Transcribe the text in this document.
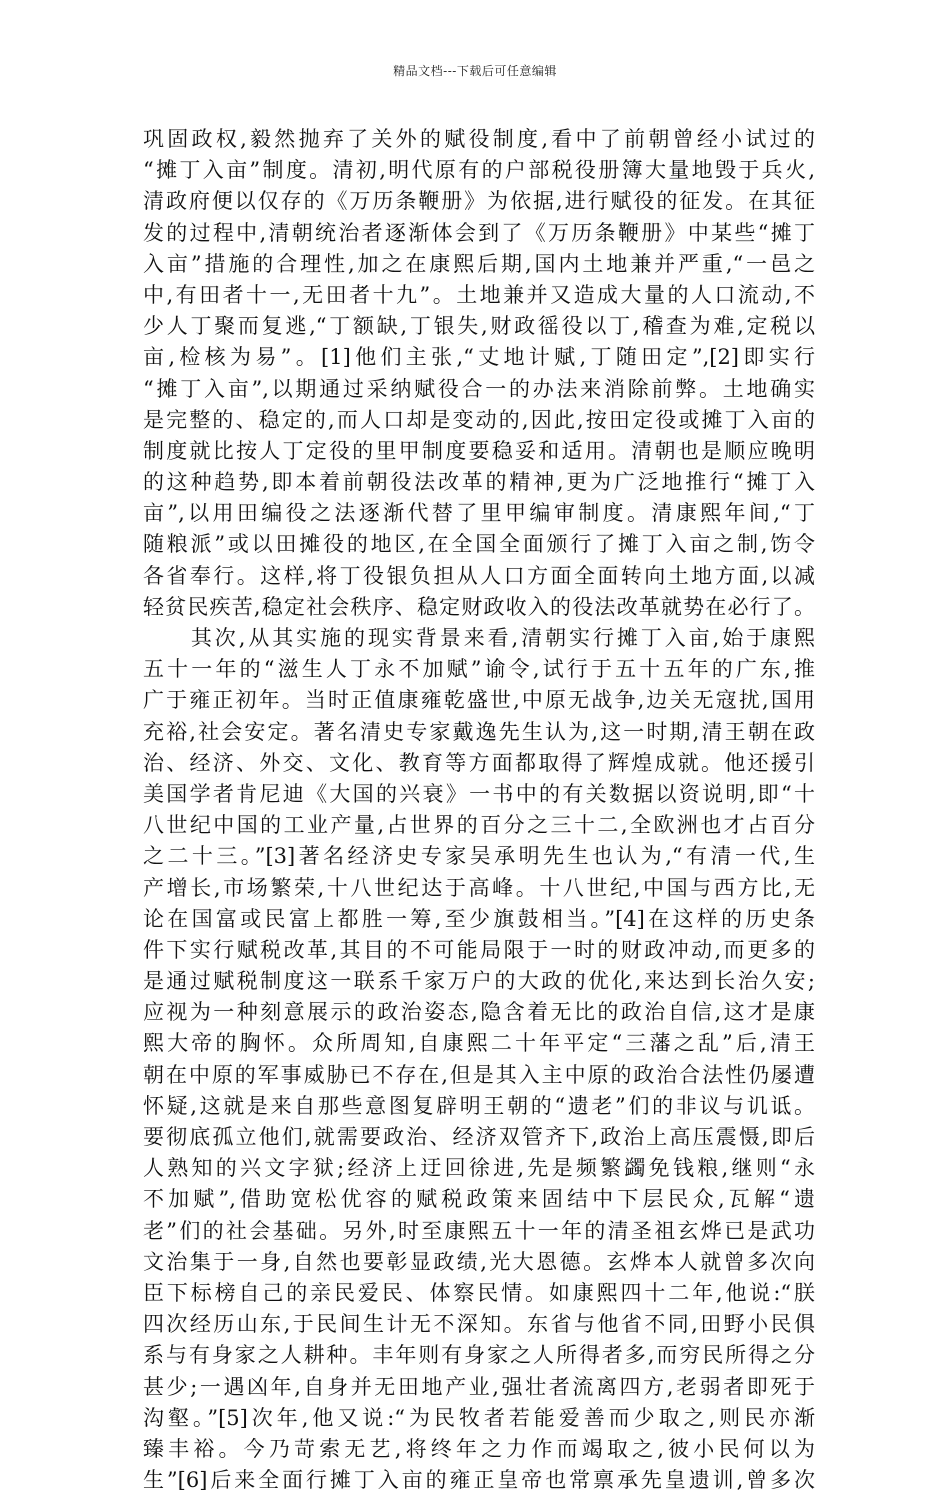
精品文档---下载后可任意编辑
巩固政权,毅然抛弃了关外的赋役制度,看中了前朝曾经小试过的
“摊丁入亩”制度。清初,明代原有的户部税役册簿大量地毁于兵火,
清政府便以仅存的《万历条鞭册》为依据,进行赋役的征发。在其征
发的过程中,清朝统治者逐渐体会到了《万历条鞭册》中某些“摊丁
入亩”措施的合理性,加之在康熙后期,国内土地兼并严重,“一邑之
中,有田者十一,无田者十九”。土地兼并又造成大量的人口流动,不
少人丁聚而复逃,“丁额缺,丁银失,财政徭役以丁,稽查为难,定税以
亩,检核为易”。[1]他们主张,“丈地计赋,丁随田定”,[2]即实行
“摊丁入亩”,以期通过采纳赋役合一的办法来消除前弊。土地确实
是完整的、稳定的,而人口却是变动的,因此,按田定役或摊丁入亩的
制度就比按人丁定役的里甲制度要稳妥和适用。清朝也是顺应晚明
的这种趋势,即本着前朝役法改革的精神,更为广泛地推行“摊丁入
亩”,以用田编役之法逐渐代替了里甲编审制度。清康熙年间,“丁
随粮派”或以田摊役的地区,在全国全面颁行了摊丁入亩之制,饬令
各省奉行。这样,将丁役银负担从人口方面全面转向土地方面,以减
轻贫民疾苦,稳定社会秩序、稳定财政收入的役法改革就势在必行了。
　　其次,从其实施的现实背景来看,清朝实行摊丁入亩,始于康熙
五十一年的“滋生人丁永不加赋”谕令,试行于五十五年的广东,推
广于雍正初年。当时正值康雍乾盛世,中原无战争,边关无寇扰,国用
充裕,社会安定。著名清史专家戴逸先生认为,这一时期,清王朝在政
治、经济、外交、文化、教育等方面都取得了辉煌成就。他还援引
美国学者肯尼迪《大国的兴衰》一书中的有关数据以资说明,即“十
八世纪中国的工业产量,占世界的百分之三十二,全欧洲也才占百分
之二十三。”[3]著名经济史专家吴承明先生也认为,“有清一代,生
产增长,市场繁荣,十八世纪达于高峰。十八世纪,中国与西方比,无
论在国富或民富上都胜一筹,至少旗鼓相当。”[4]在这样的历史条
件下实行赋税改革,其目的不可能局限于一时的财政冲动,而更多的
是通过赋税制度这一联系千家万户的大政的优化,来达到长治久安;
应视为一种刻意展示的政治姿态,隐含着无比的政治自信,这才是康
熙大帝的胸怀。众所周知,自康熙二十年平定“三藩之乱”后,清王
朝在中原的军事威胁已不存在,但是其入主中原的政治合法性仍屡遭
怀疑,这就是来自那些意图复辟明王朝的“遗老”们的非议与讥诋。
要彻底孤立他们,就需要政治、经济双管齐下,政治上高压震慑,即后
人熟知的兴文字狱;经济上迂回徐进,先是频繁蠲免钱粮,继则“永
不加赋”,借助宽松优容的赋税政策来固结中下层民众,瓦解“遗
老”们的社会基础。另外,时至康熙五十一年的清圣祖玄烨已是武功
文治集于一身,自然也要彰显政绩,光大恩德。玄烨本人就曾多次向
臣下标榜自己的亲民爱民、体察民情。如康熙四十二年,他说:“朕
四次经历山东,于民间生计无不深知。东省与他省不同,田野小民俱
系与有身家之人耕种。丰年则有身家之人所得者多,而穷民所得之分
甚少;一遇凶年,自身并无田地产业,强壮者流离四方,老弱者即死于
沟壑。”[5]次年,他又说:“为民牧者若能爱善而少取之,则民亦渐
臻丰裕。今乃苛索无艺,将终年之力作而竭取之,彼小民何以为
生”[6]后来全面行摊丁入亩的雍正皇帝也常禀承先皇遗训,曾多次
